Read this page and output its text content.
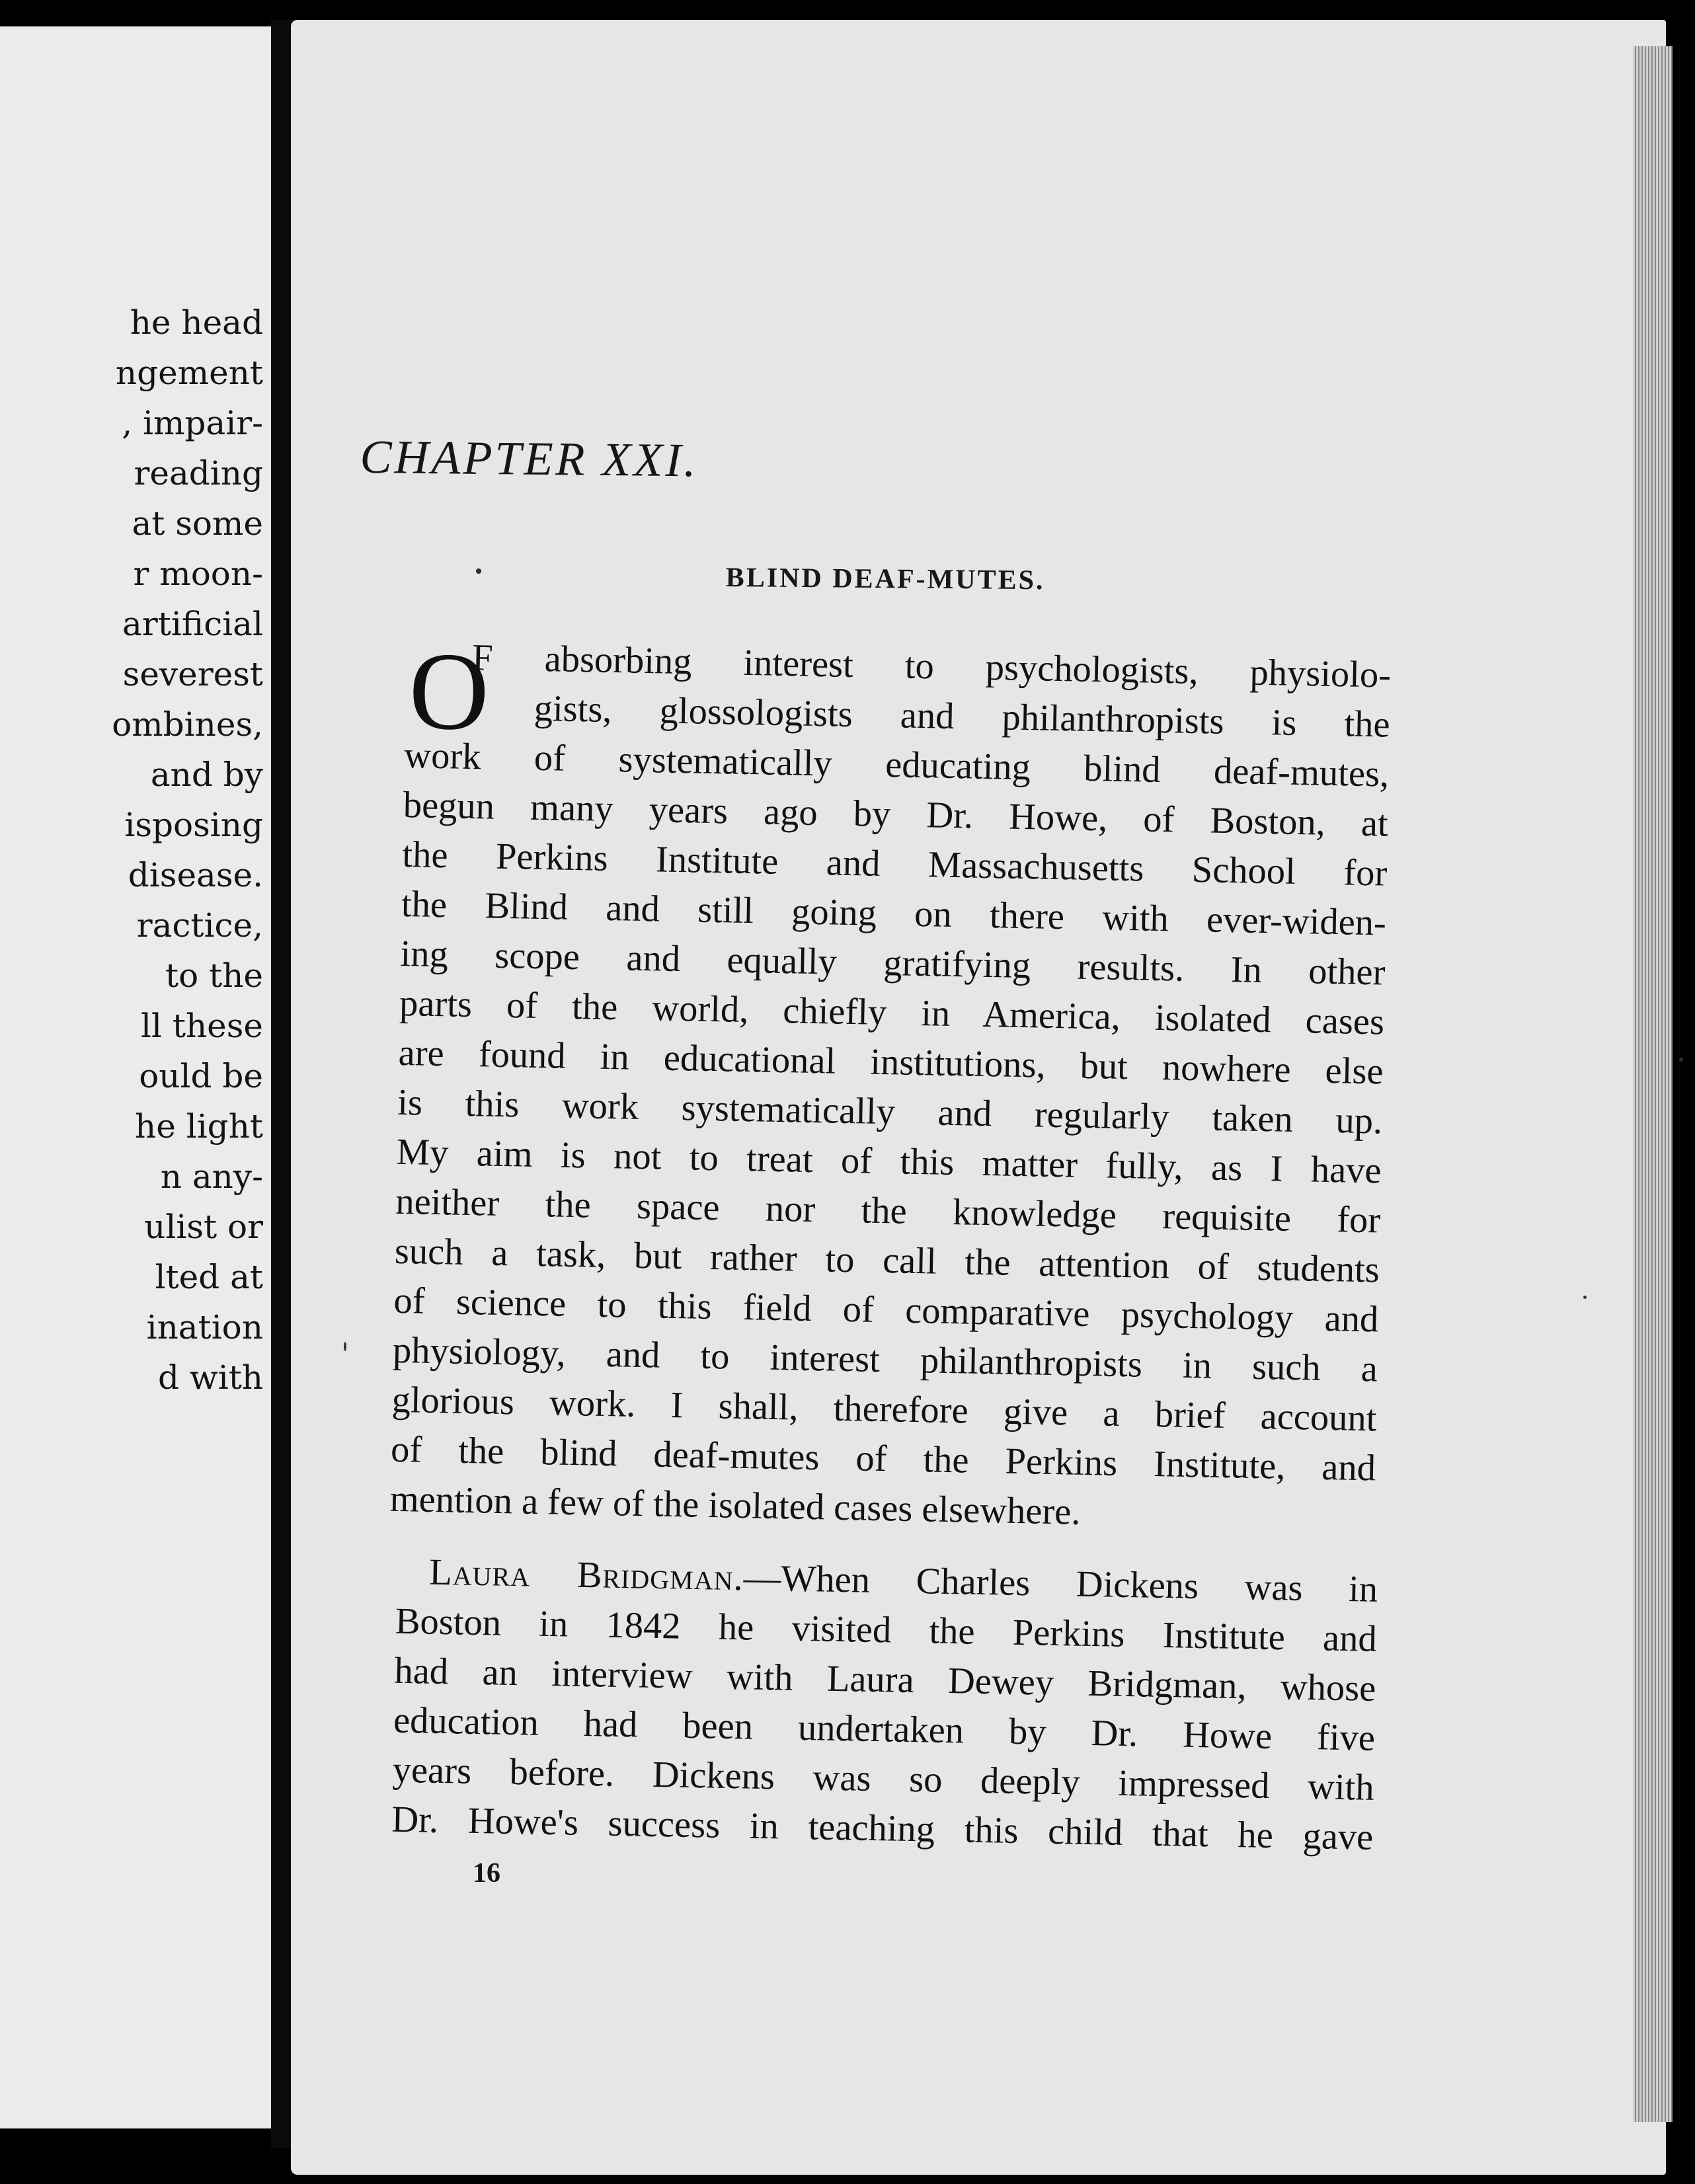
he head
ngement
, impair-
reading
at some
r moon-
artificial
severest
ombines,
and by
isposing
disease.
ractice,
to the
ll these
ould be
he light
n any-
ulist or
lted at
ination
d with
CHAPTER XXI.
BLIND DEAF-MUTES.
O
F absorbing interest to psychologists, physiolo-
gists, glossologists and philanthropists is the
work of systematically educating blind deaf-mutes,
begun many years ago by Dr. Howe, of Boston, at
the Perkins Institute and Massachusetts School for
the Blind and still going on there with ever-widen-
ing scope and equally gratifying results. In other
parts of the world, chiefly in America, isolated cases
are found in educational institutions, but nowhere else
is this work systematically and regularly taken up.
My aim is not to treat of this matter fully, as I have
neither the space nor the knowledge requisite for
such a task, but rather to call the attention of students
of science to this field of comparative psychology and
physiology, and to interest philanthropists in such a
glorious work. I shall, therefore give a brief account
of the blind deaf-mutes of the Perkins Institute, and
mention a few of the isolated cases elsewhere.
Laura Bridgman.—When Charles Dickens was in
Boston in 1842 he visited the Perkins Institute and
had an interview with Laura Dewey Bridgman, whose
education had been undertaken by Dr. Howe five
years before. Dickens was so deeply impressed with
Dr. Howe's success in teaching this child that he gave
16
